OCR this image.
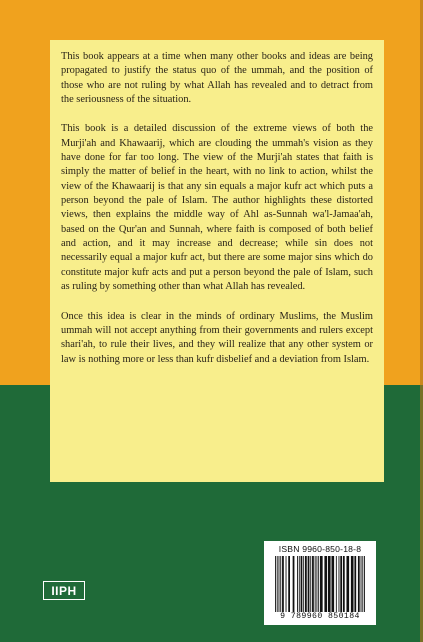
This book appears at a time when many other books and ideas are being propagated to justify the status quo of the ummah, and the position of those who are not ruling by what Allah has revealed and to detract from the seriousness of the situation.

This book is a detailed discussion of the extreme views of both the Murji'ah and Khawaarij, which are clouding the ummah's vision as they have done for far too long. The view of the Murji'ah states that faith is simply the matter of belief in the heart, with no link to action, whilst the view of the Khawaarij is that any sin equals a major kufr act which puts a person beyond the pale of Islam. The author highlights these distorted views, then explains the middle way of Ahl as-Sunnah wa'l-Jamaa'ah, based on the Qur'an and Sunnah, where faith is composed of both belief and action, and it may increase and decrease; while sin does not necessarily equal a major kufr act, but there are some major sins which do constitute major kufr acts and put a person beyond the pale of Islam, such as ruling by something other than what Allah has revealed.

Once this idea is clear in the minds of ordinary Muslims, the Muslim ummah will not accept anything from their governments and rulers except shari'ah, to rule their lives, and they will realize that any other system or law is nothing more or less than kufr disbelief and a deviation from Islam.

ISBN 9960-850-18-8
9 789960 850184
IIPH
